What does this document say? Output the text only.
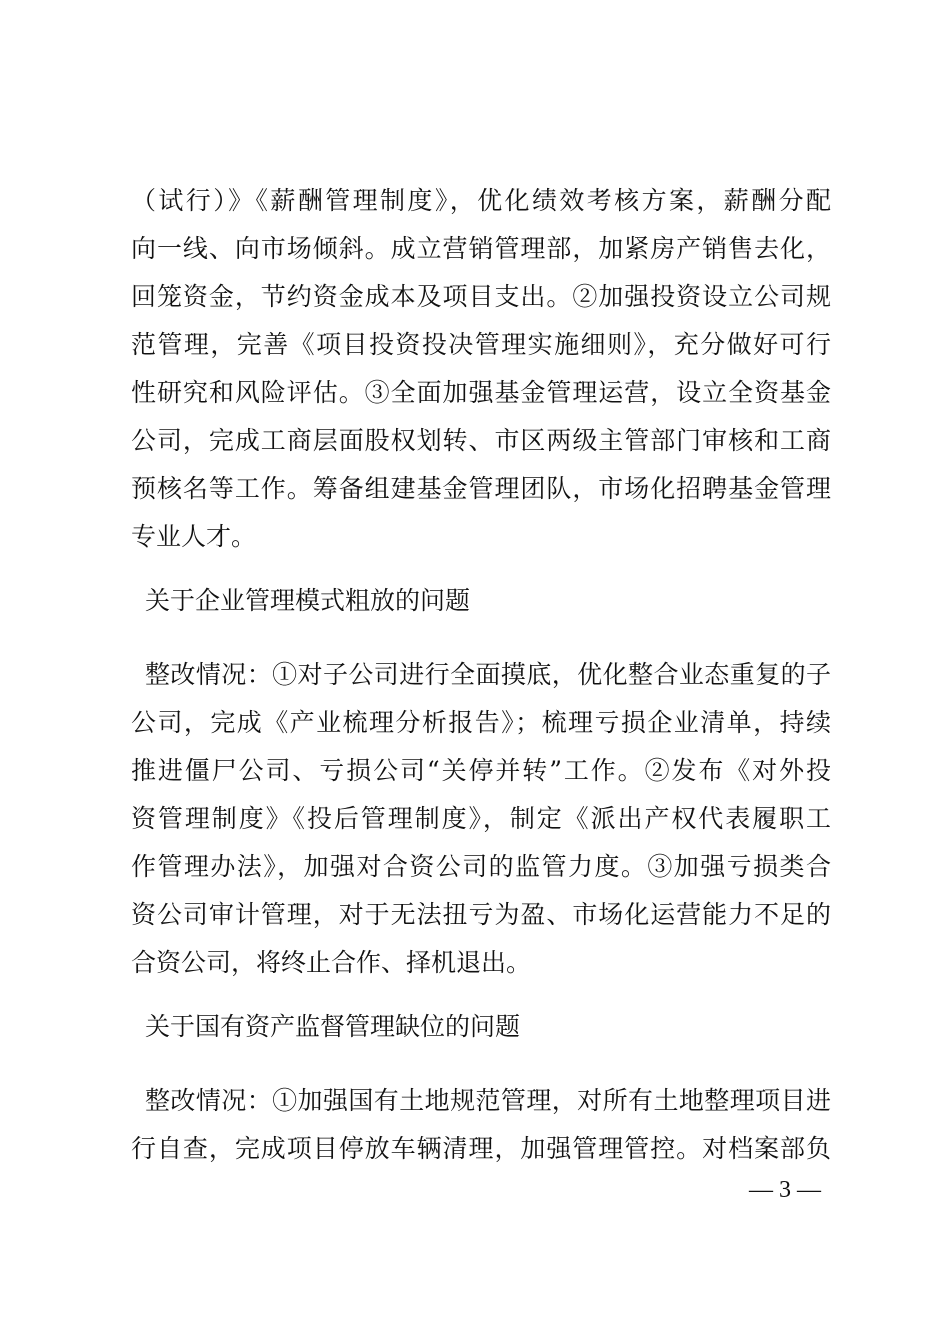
（试行）》《薪酬管理制度》，优化绩效考核方案，薪酬分配
向一线、向市场倾斜。成立营销管理部，加紧房产销售去化，
回笼资金，节约资金成本及项目支出。②加强投资设立公司规
范管理，完善《项目投资投决管理实施细则》，充分做好可行
性研究和风险评估。③全面加强基金管理运营，设立全资基金
公司，完成工商层面股权划转、市区两级主管部门审核和工商
预核名等工作。筹备组建基金管理团队，市场化招聘基金管理
专业人才。
关于企业管理模式粗放的问题
整改情况：①对子公司进行全面摸底，优化整合业态重复的子
公司，完成《产业梳理分析报告》；梳理亏损企业清单，持续
推进僵尸公司、亏损公司“关停并转”工作。②发布《对外投
资管理制度》《投后管理制度》，制定《派出产权代表履职工
作管理办法》，加强对合资公司的监管力度。③加强亏损类合
资公司审计管理，对于无法扭亏为盈、市场化运营能力不足的
合资公司，将终止合作、择机退出。
关于国有资产监督管理缺位的问题
整改情况：①加强国有土地规范管理，对所有土地整理项目进
行自查，完成项目停放车辆清理，加强管理管控。对档案部负
— 3 —
